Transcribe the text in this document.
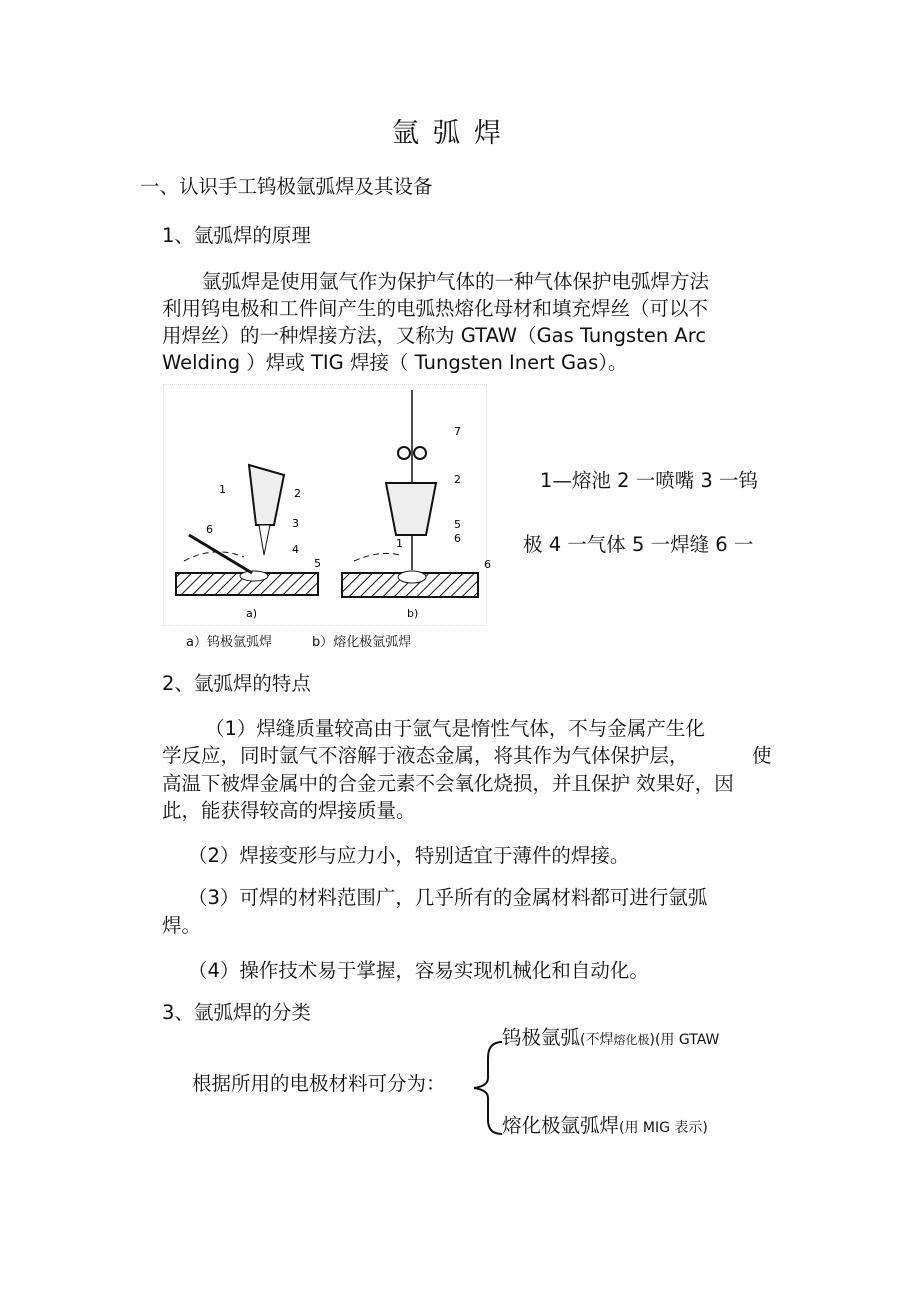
氩弧焊
一、认识手工钨极氩弧焊及其设备
1、氩弧焊的原理
氩弧焊是使用氩气作为保护气体的一种气体保护电弧焊方法
利用钨电极和工件间产生的电弧热熔化母材和填充焊丝（可以不
用焊丝）的一种焊接方法，又称为 GTAW（Gas Tungsten Arc
Welding ）焊或 TIG 焊接（ Tungsten Inert Gas）。
1	2
3
4
5
6
a)
1
2
5
6
6
7
b)
a）钨极氩弧焊	b）熔化极氩弧焊
1—熔池 2 一喷嘴 3 一钨
极 4 一气体 5 一焊缝 6 一
2、氩弧焊的特点
（1）焊缝质量较高由于氩气是惰性气体，不与金属产生化
学反应，同时氩气不溶解于液态金属，将其作为气体保护层，	使
高温下被焊金属中的合金元素不会氧化烧损，并且保护 效果好，因
此，能获得较高的焊接质量。
（2）焊接变形与应力小，特别适宜于薄件的焊接。
（3）可焊的材料范围广，几乎所有的金属材料都可进行氩弧
焊。
（4）操作技术易于掌握，容易实现机械化和自动化。
3、氩弧焊的分类
根据所用的电极材料可分为：
钨极氩弧(不焊熔化极)(用 GTAW
熔化极氩弧焊(用 MIG 表示)
